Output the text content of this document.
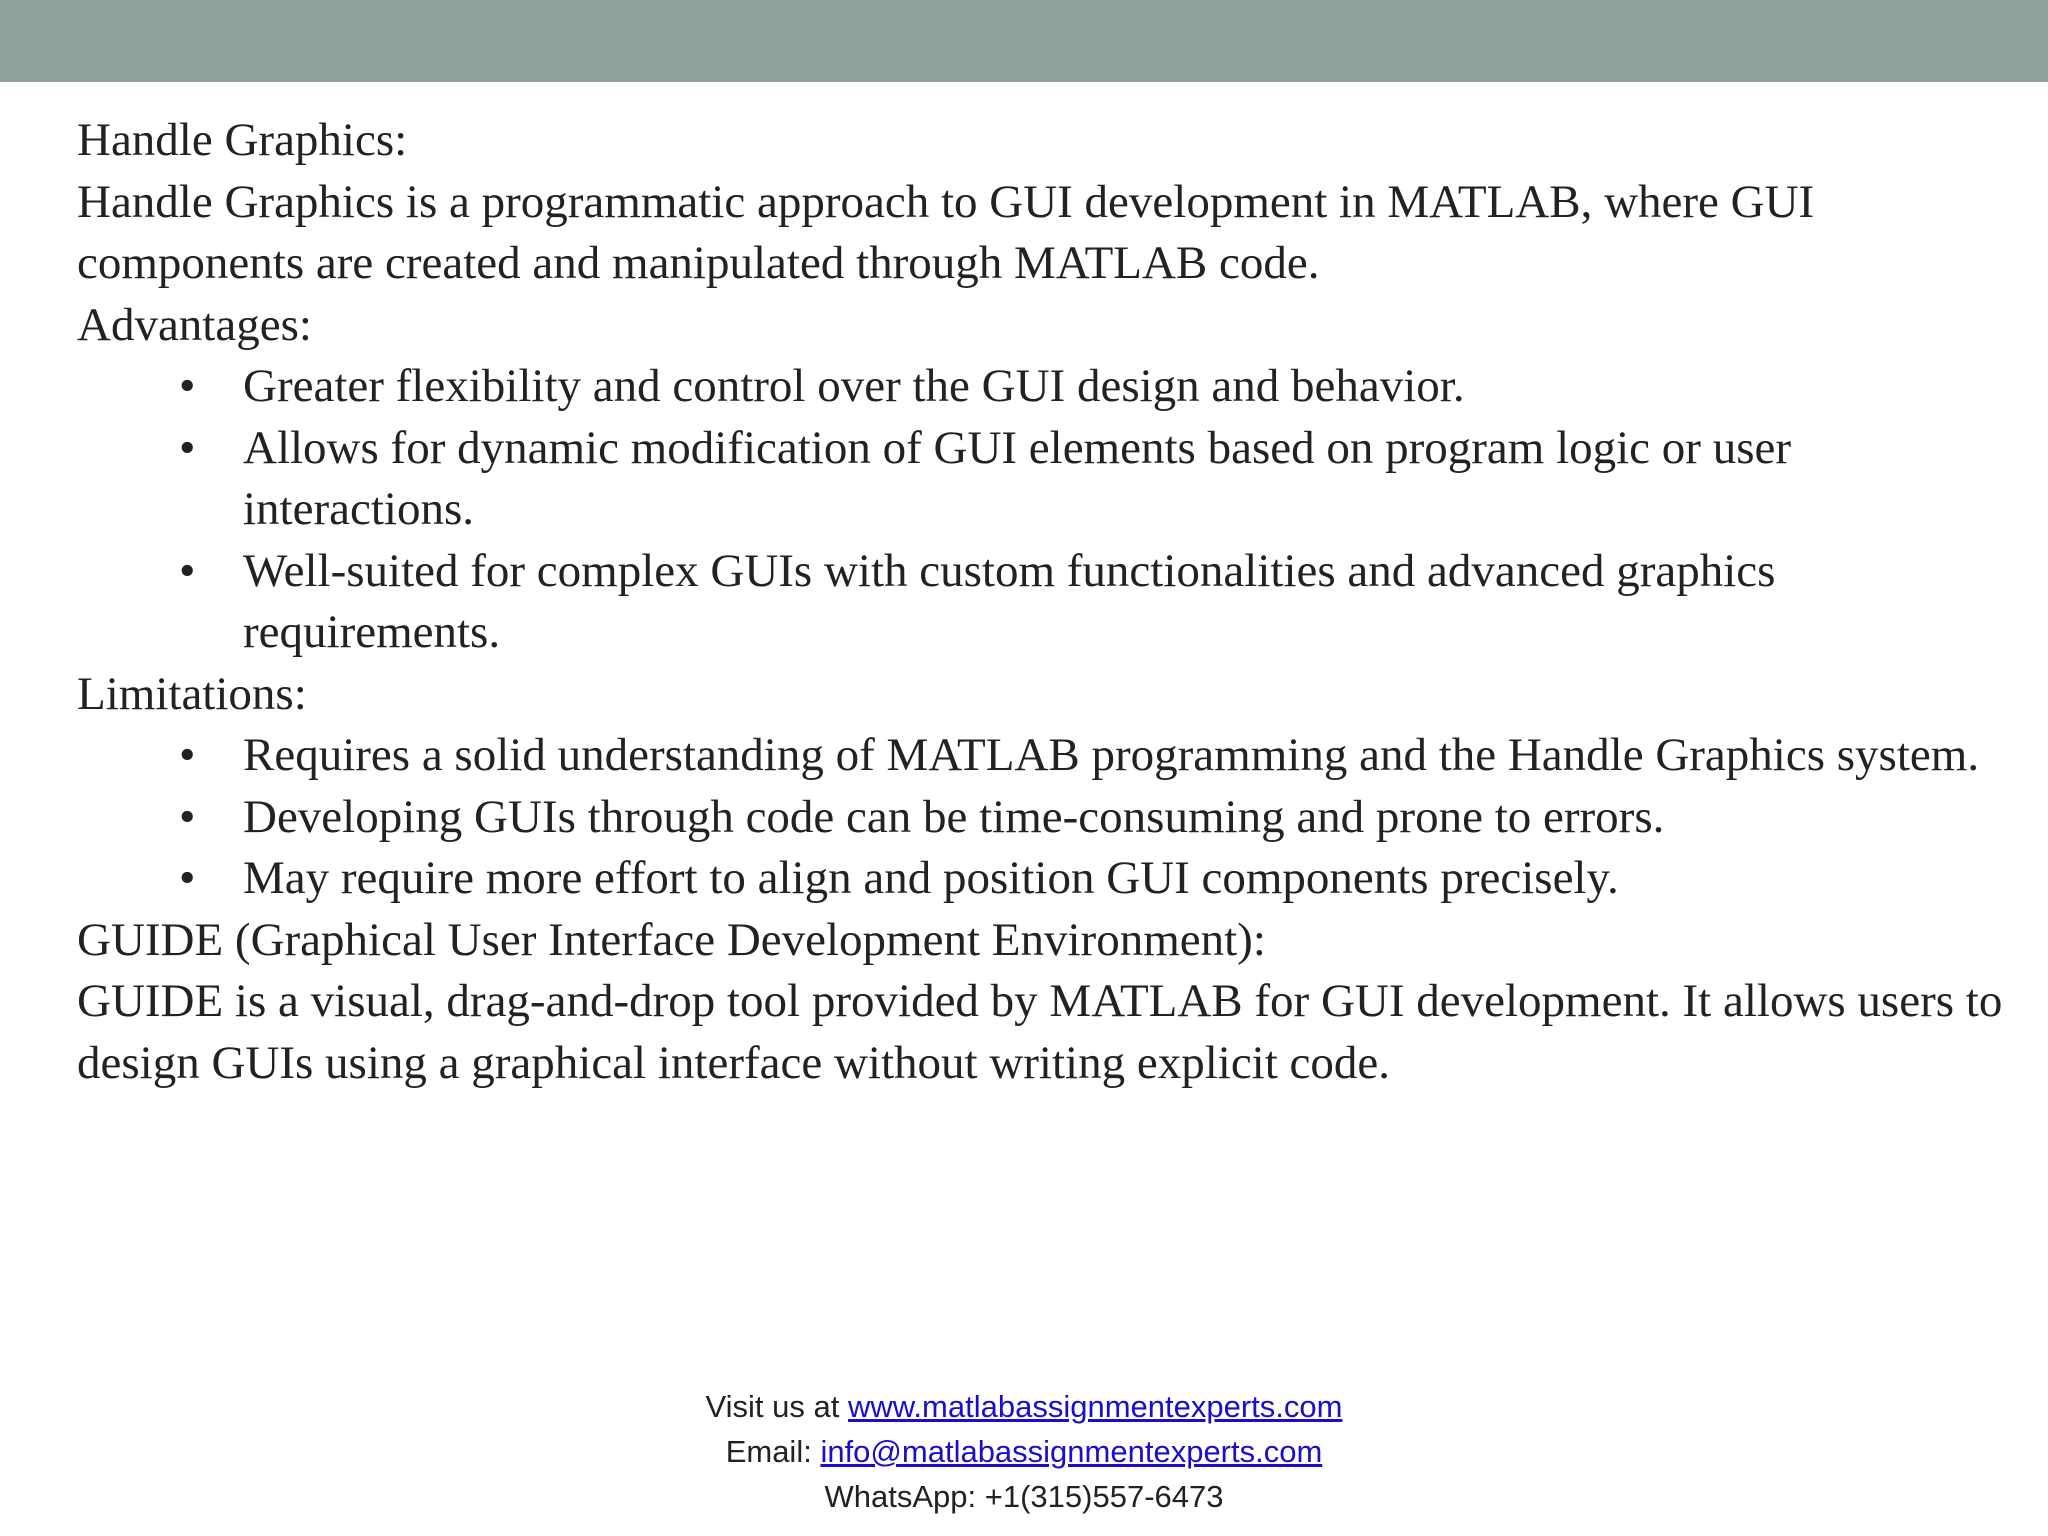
Handle Graphics:

Handle Graphics is a programmatic approach to GUI development in MATLAB, where GUI components are created and manipulated through MATLAB code.

Advantages:

• Greater flexibility and control over the GUI design and behavior.
• Allows for dynamic modification of GUI elements based on program logic or user interactions.
• Well-suited for complex GUIs with custom functionalities and advanced graphics requirements.

Limitations:

• Requires a solid understanding of MATLAB programming and the Handle Graphics system.
• Developing GUIs through code can be time-consuming and prone to errors.
• May require more effort to align and position GUI components precisely.

GUIDE (Graphical User Interface Development Environment):

GUIDE is a visual, drag-and-drop tool provided by MATLAB for GUI development. It allows users to design GUIs using a graphical interface without writing explicit code.

Visit us at www.matlabassignmentexperts.com
Email: info@matlabassignmentexperts.com
WhatsApp: +1(315)557-6473
